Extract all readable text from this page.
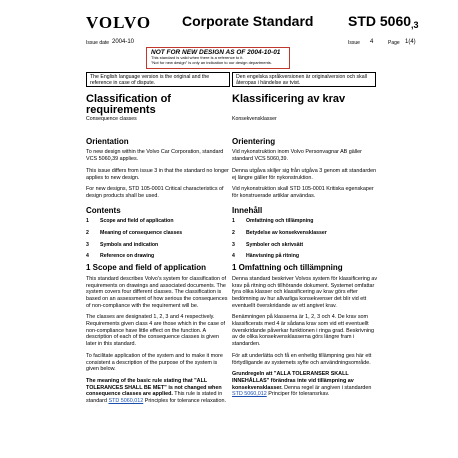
VOLVO Corporate Standard STD $5060_{,3}$
Issue date 2004-10	Issue 4	Page 1(4)
NOT FOR NEW DESIGN AS OF 2004-10-01
This standard is valid when there is a reference to it.
"Not for new design" is only an indication to our design departments.
The English language version is the original and the reference in case of dispute.
Den engelska språkversionen är originalversion och skall återopas i händelse av tvist.
Classification of requirements
Consequence classes
Orientation

To new design within the Volvo Car Corporation, standard VCS 5060,39 applies.

This issue differs from issue 3 in that the standard no longer applies to new design.

For new designs, STD 105-0001 Critical characteristics of design products shall be used.

Contents
1	Scope and field of application
2	Meaning of consequence classes
3	Symbols and indication
4	Reference on drawing
1 Scope and field of application

This standard describes Volvo's system for classification of requirements on drawings and associated documents. The system covers four different classes. The classification is based on an assessment of how serious the consequences of non-compliance with the requirement will be.

The classes are designated 1, 2, 3 and 4 respectively. Requirements given class 4 are those which in the case of non-compliance have little effect on the function. A description of each of the consequence classes is given later in this standard.

To facilitate application of the system and to make it more consistent a description of the purpose of the system is given below.

The meaning of the basic rule stating that "ALL TOLERANCES SHALL BE MET" is not changed when consequence classes are applied. This rule is stated in standard STD 5060,012 Principles for tolerance relaxation.

Klassificering av krav
Konsekvensklasser
Orientering

Vid nykonstruktion inom Volvo Personvagnar AB gäller standard VCS 5060,39.

Denna utgåva skiljer sig från utgåva 3 genom att standarden ej längre gäller för nykonstruktion.

Vid nykonstruktion skall STD 105-0001 Kritiska egenskaper för konstruerade artiklar användas.

Innehåll
1	Omfattning och tillämpning
2	Betydelse av konsekvensklasser
3	Symboler och skrivsätt
4	Hänvisning på ritning
1 Omfattning och tillämpning

Denna standard beskriver Volvos system för klassificering av krav på ritning och tillhörande dokument. Systemet omfattar fyra olika klasser och klassificering av krav görs efter bedömning av hur allvarliga konsekvenser det blir vid ett eventuellt överskridande av ett angivet krav.

Benämningen på klasserna är 1, 2, 3 och 4. De krav som klassificerats med 4 är sådana krav som vid ett eventuellt överskridande påverkar funktionen i ringa grad. Beskrivning av de olika konsekvensklasserna görs längre fram i standarden.

För att underlätta och få en enhetlig tillämpning ges här ett förtydligande av systemets syfte och användningsområde.

Grundregeln att "ALLA TOLERANSER SKALL INNEHÅLLAS" förändras inte vid tillämpning av konsekvensklasser. Denna regel är angiven i standarden STD 5060,012 Principer för toleransrkav.
